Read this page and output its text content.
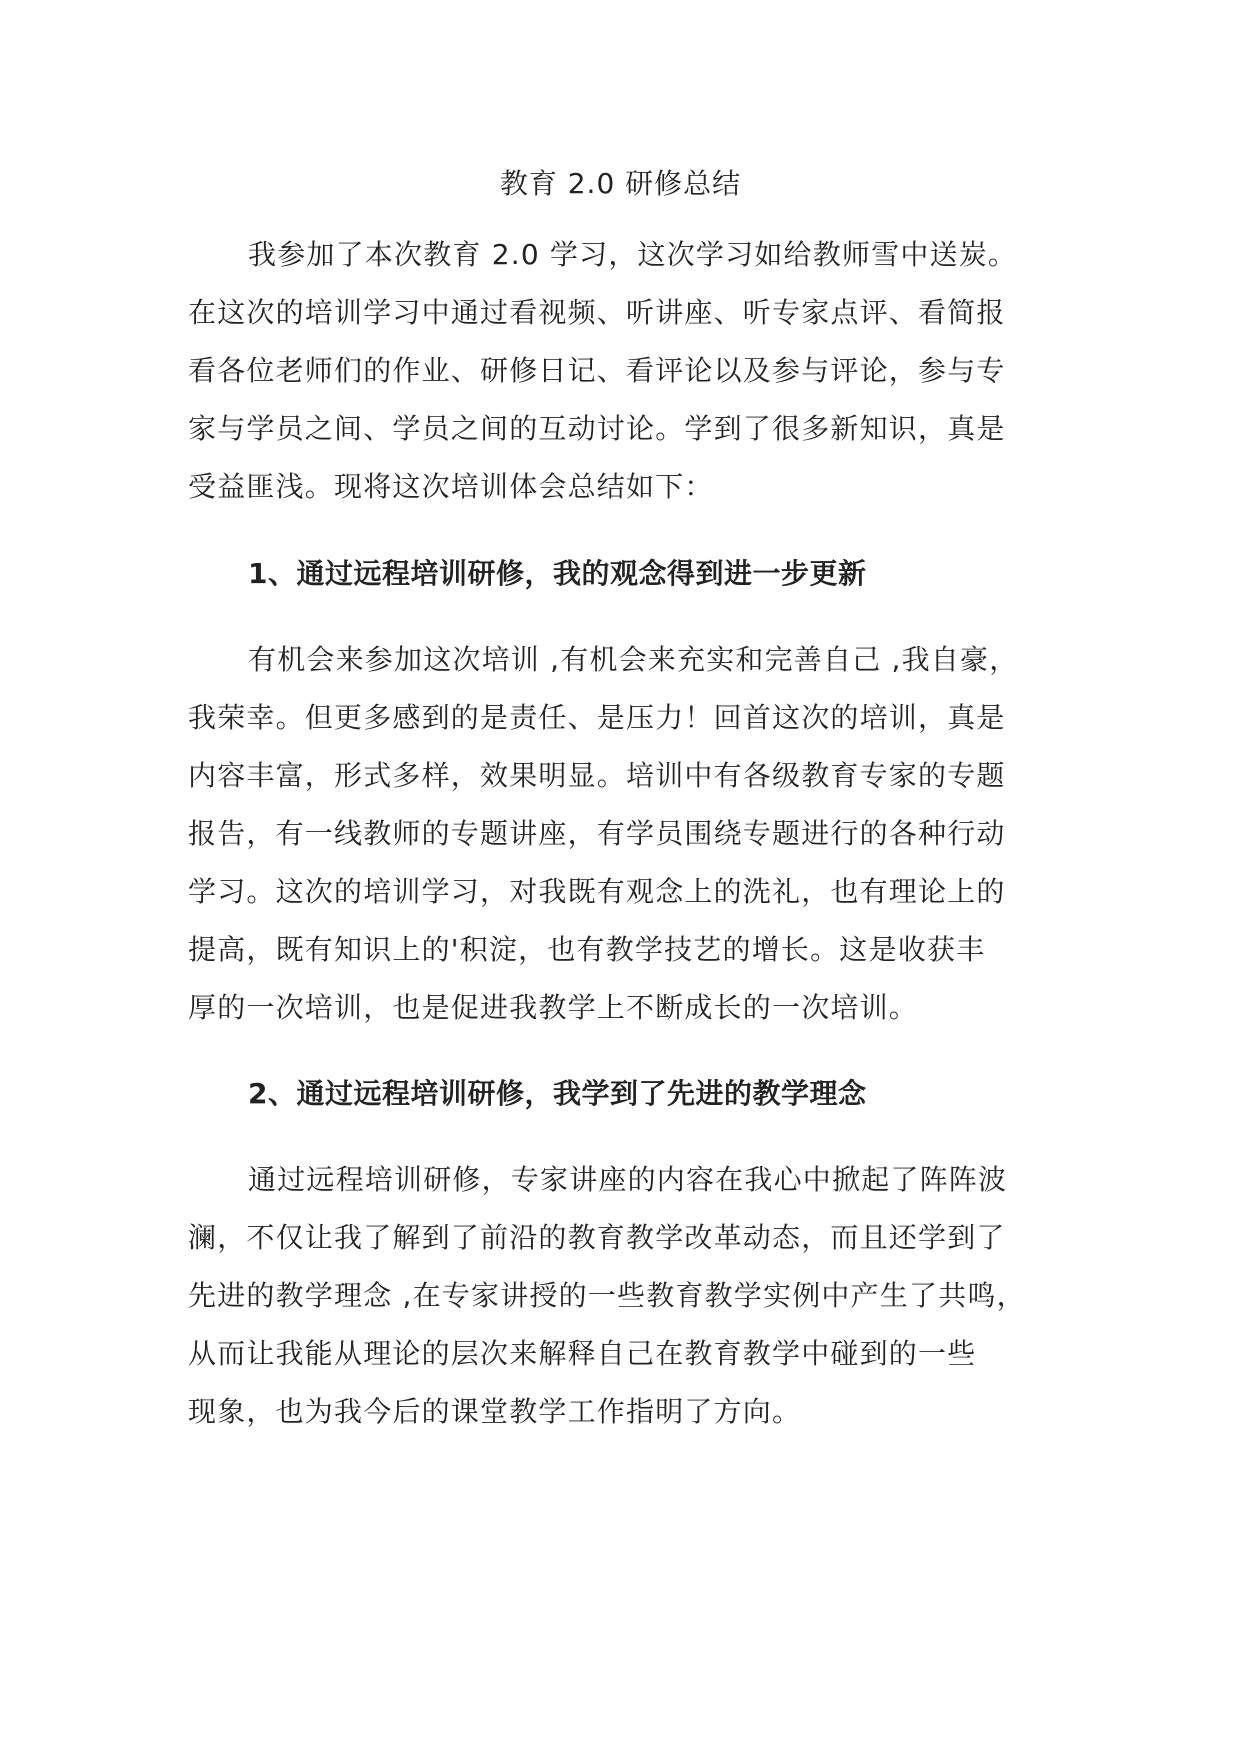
教育 2.0 研修总结
我参加了本次教育 2.0 学习，这次学习如给教师雪中送炭。
在这次的培训学习中通过看视频、听讲座、听专家点评、看简报
看各位老师们的作业、研修日记、看评论以及参与评论，参与专
家与学员之间、学员之间的互动讨论。学到了很多新知识，真是
受益匪浅。现将这次培训体会总结如下：
1、通过远程培训研修，我的观念得到进一步更新
有机会来参加这次培训 ,有机会来充实和完善自己 ,我自豪，
我荣幸。但更多感到的是责任、是压力！回首这次的培训，真是
内容丰富，形式多样，效果明显。培训中有各级教育专家的专题
报告，有一线教师的专题讲座，有学员围绕专题进行的各种行动
学习。这次的培训学习，对我既有观念上的洗礼，也有理论上的
提高，既有知识上的'积淀，也有教学技艺的增长。这是收获丰
厚的一次培训，也是促进我教学上不断成长的一次培训。
2、通过远程培训研修，我学到了先进的教学理念
通过远程培训研修，专家讲座的内容在我心中掀起了阵阵波
澜，不仅让我了解到了前沿的教育教学改革动态，而且还学到了
先进的教学理念 ,在专家讲授的一些教育教学实例中产生了共鸣，
从而让我能从理论的层次来解释自己在教育教学中碰到的一些
现象，也为我今后的课堂教学工作指明了方向。
